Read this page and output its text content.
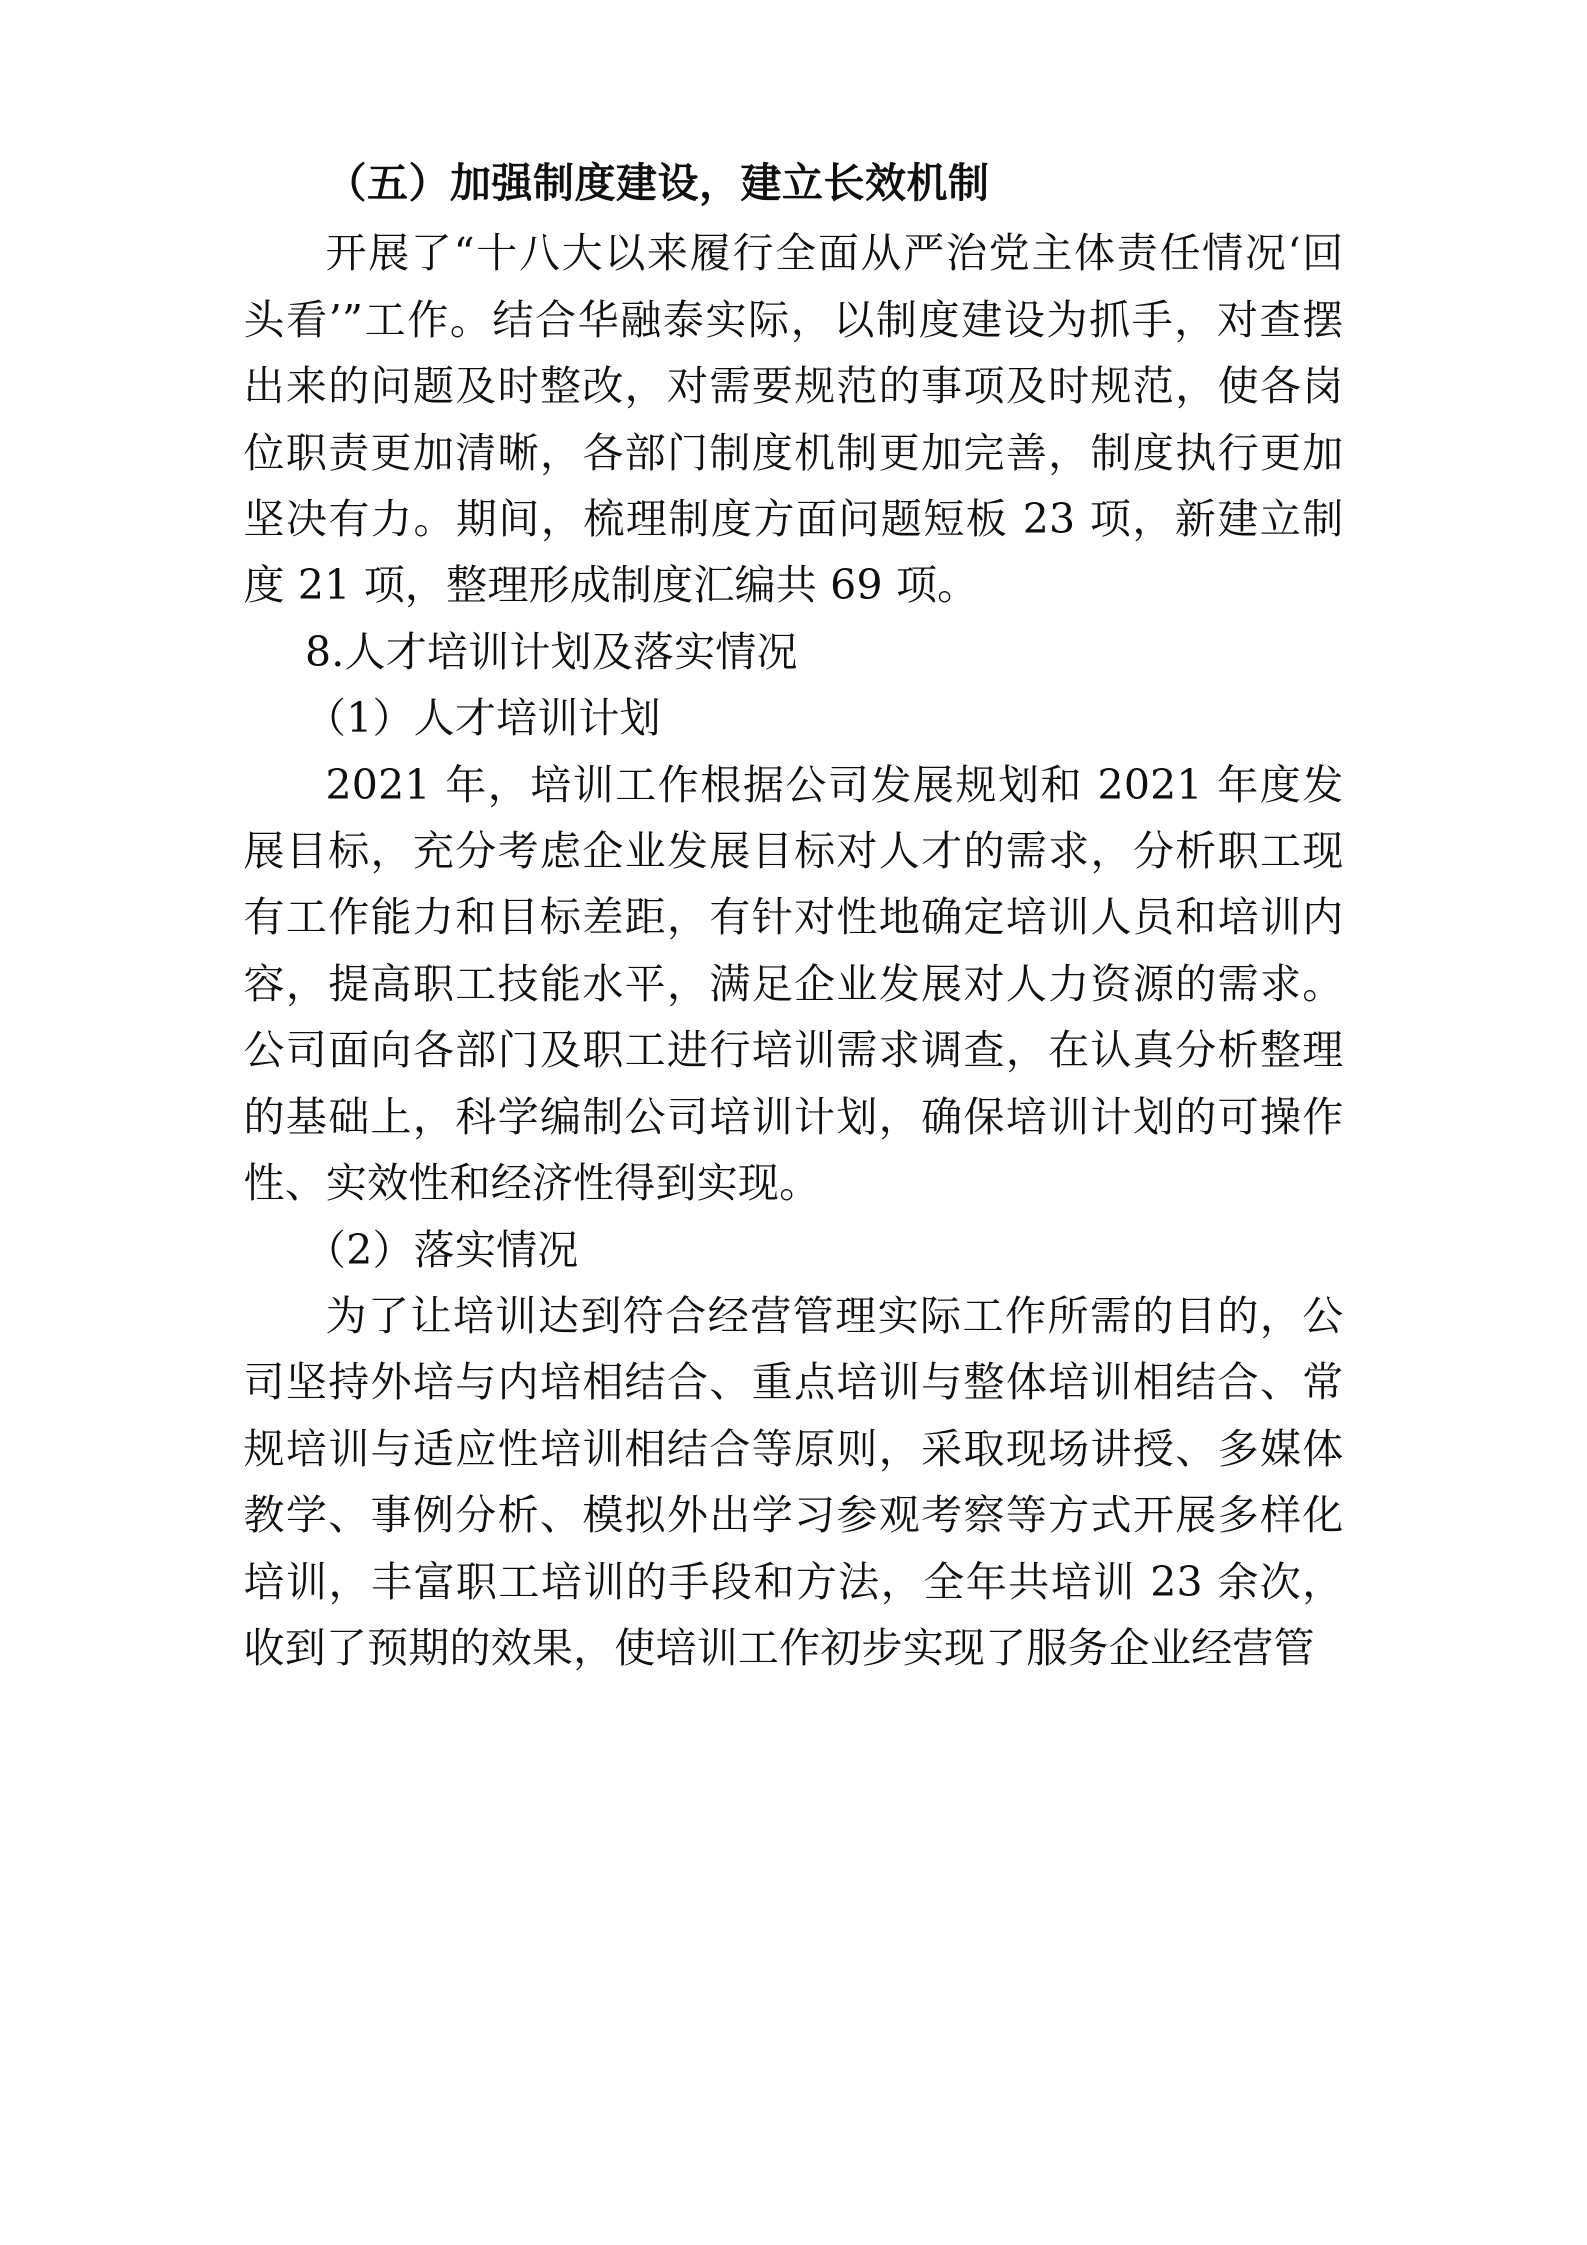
（五）加强制度建设，建立长效机制

开展了“十八大以来履行全面从严治党主体责任情况‘回头看’”工作。结合华融泰实际，以制度建设为抓手，对查摆出来的问题及时整改，对需要规范的事项及时规范，使各岗位职责更加清晰，各部门制度机制更加完善，制度执行更加坚决有力。期间，梳理制度方面问题短板 23 项，新建立制度 21 项，整理形成制度汇编共 69 项。

8.人才培训计划及落实情况

（1）人才培训计划

2021 年，培训工作根据公司发展规划和 2021 年度发展目标，充分考虑企业发展目标对人才的需求，分析职工现有工作能力和目标差距，有针对性地确定培训人员和培训内容，提高职工技能水平，满足企业发展对人力资源的需求。公司面向各部门及职工进行培训需求调查，在认真分析整理的基础上，科学编制公司培训计划，确保培训计划的可操作性、实效性和经济性得到实现。

（2）落实情况

为了让培训达到符合经营管理实际工作所需的目的，公司坚持外培与内培相结合、重点培训与整体培训相结合、常规培训与适应性培训相结合等原则，采取现场讲授、多媒体教学、事例分析、模拟外出学习参观考察等方式开展多样化培训，丰富职工培训的手段和方法，全年共培训 23 余次，收到了预期的效果，使培训工作初步实现了服务企业经营管
